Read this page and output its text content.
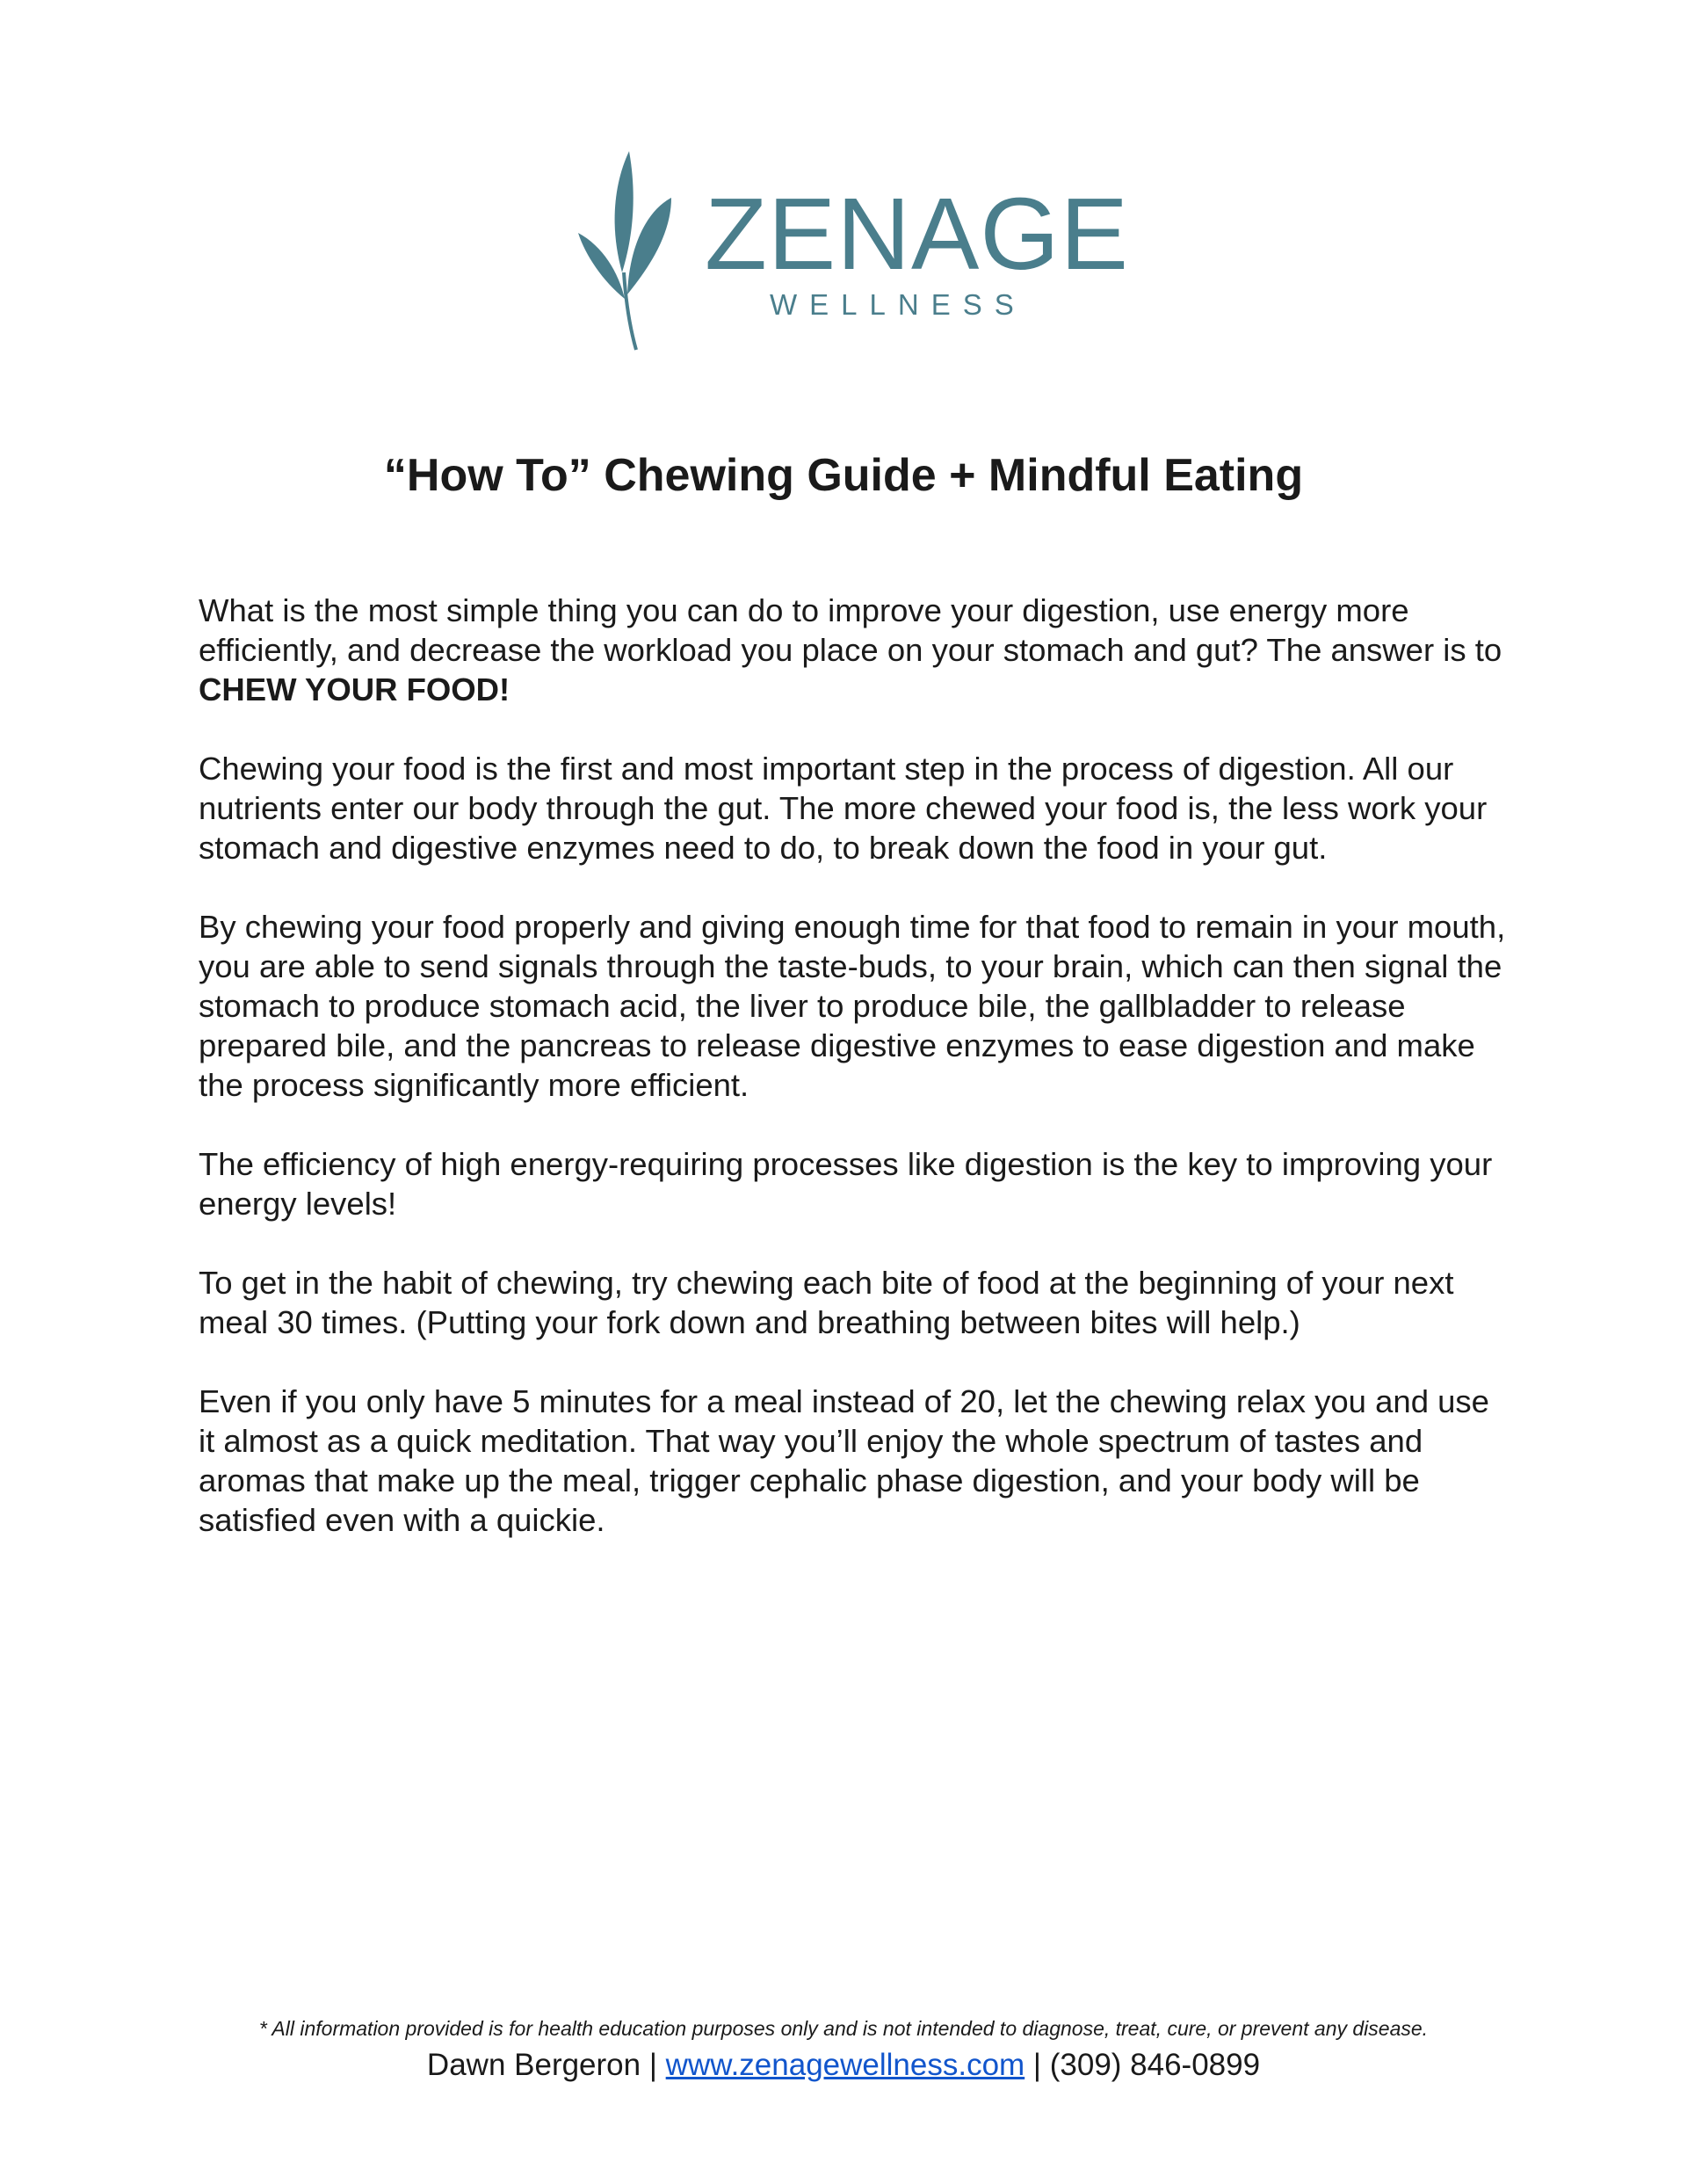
ZENAGE
WELLNESS
“How To” Chewing Guide + Mindful Eating

What is the most simple thing you can do to improve your digestion, use energy more efficiently, and decrease the workload you place on your stomach and gut? The answer is to CHEW YOUR FOOD!

Chewing your food is the first and most important step in the process of digestion. All our nutrients enter our body through the gut. The more chewed your food is, the less work your stomach and digestive enzymes need to do, to break down the food in your gut.

By chewing your food properly and giving enough time for that food to remain in your mouth, you are able to send signals through the taste-buds, to your brain, which can then signal the stomach to produce stomach acid, the liver to produce bile, the gallbladder to release prepared bile, and the pancreas to release digestive enzymes to ease digestion and make the process significantly more efficient.

The efficiency of high energy-requiring processes like digestion is the key to improving your energy levels!

To get in the habit of chewing, try chewing each bite of food at the beginning of your next meal 30 times. (Putting your fork down and breathing between bites will help.)

Even if you only have 5 minutes for a meal instead of 20, let the chewing relax you and use it almost as a quick meditation. That way you’ll enjoy the whole spectrum of tastes and aromas that make up the meal, trigger cephalic phase digestion, and your body will be satisfied even with a quickie.

* All information provided is for health education purposes only and is not intended to diagnose, treat, cure, or prevent any disease.
Dawn Bergeron | www.zenagewellness.com | (309) 846-0899
